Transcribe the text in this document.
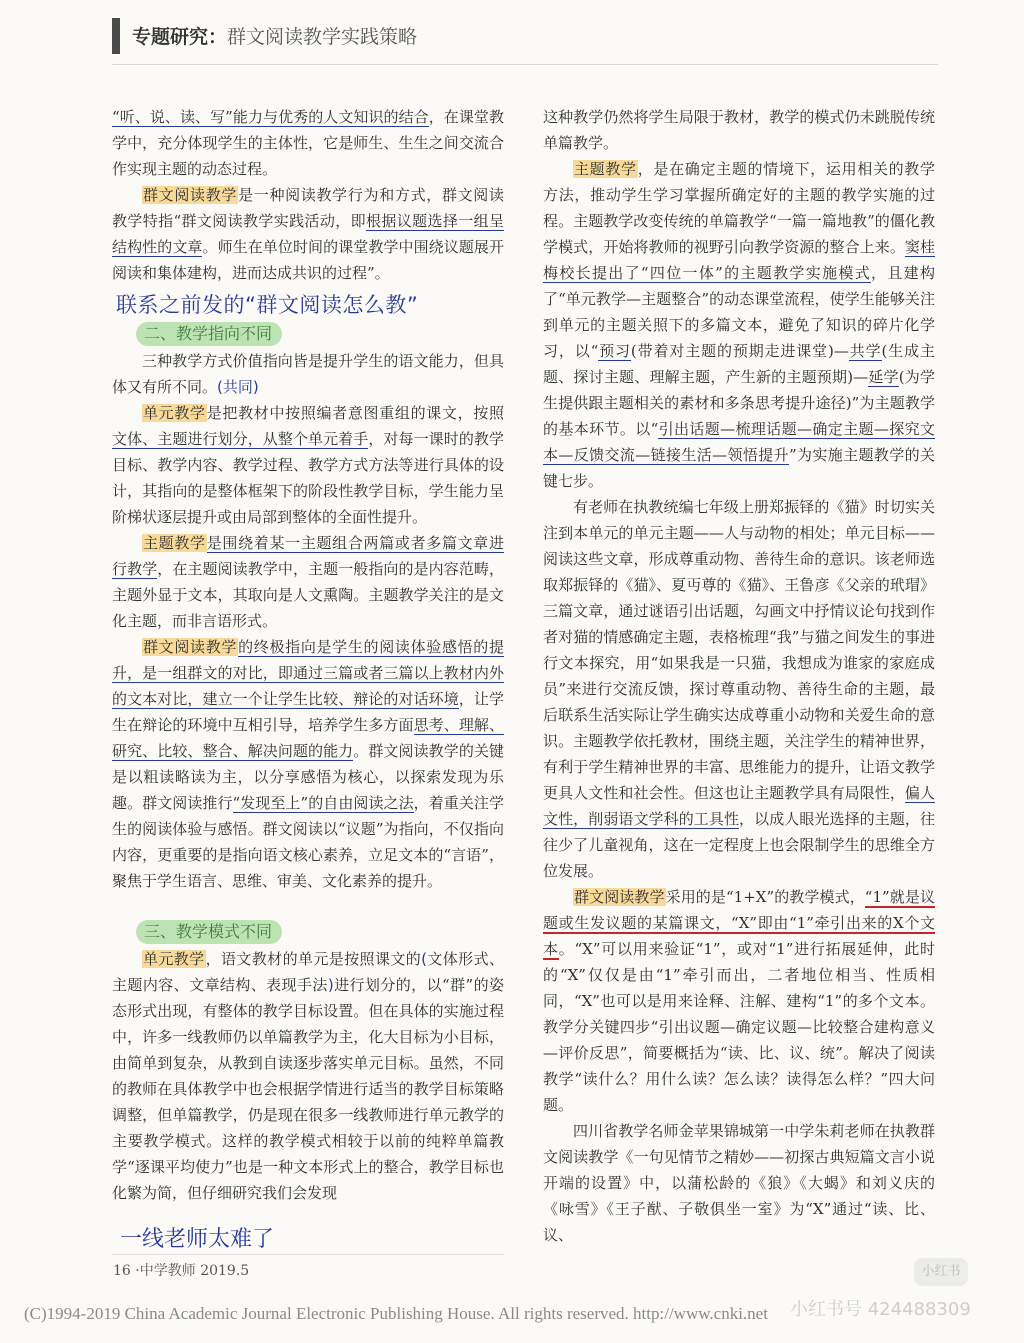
专题研究：群文阅读教学实践策略

“听、说、读、写”能力与优秀的人文知识的结合，在课堂教学中，充分体现学生的主体性，它是师生、生生之间交流合作实现主题的动态过程。

群文阅读教学是一种阅读教学行为和方式，群文阅读教学特指“群文阅读教学实践活动，即根据议题选择一组呈结构性的文章。师生在单位时间的课堂教学中围绕议题展开阅读和集体建构，进而达成共识的过程”。

联系之前发的“群文阅读怎么教”
二、教学指向不同

三种教学方式价值指向皆是提升学生的语文能力，但具体又有所不同。(共同)

单元教学是把教材中按照编者意图重组的课文，按照文体、主题进行划分，从整个单元着手，对每一课时的教学目标、教学内容、教学过程、教学方式方法等进行具体的设计，其指向的是整体框架下的阶段性教学目标，学生能力呈阶梯状逐层提升或由局部到整体的全面性提升。

主题教学是围绕着某一主题组合两篇或者多篇文章进行教学，在主题阅读教学中，主题一般指向的是内容范畴，主题外显于文本，其取向是人文熏陶。主题教学关注的是文化主题，而非言语形式。

群文阅读教学的终极指向是学生的阅读体验感悟的提升，是一组群文的对比，即通过三篇或者三篇以上教材内外的文本对比，建立一个让学生比较、辩论的对话环境，让学生在辩论的环境中互相引导，培养学生多方面思考、理解、研究、比较、整合、解决问题的能力。群文阅读教学的关键是以粗读略读为主，以分享感悟为核心，以探索发现为乐趣。群文阅读推行“发现至上”的自由阅读之法，着重关注学生的阅读体验与感悟。群文阅读以“议题”为指向，不仅指向内容，更重要的是指向语文核心素养，立足文本的“言语”，聚焦于学生语言、思维、审美、文化素养的提升。

三、教学模式不同

单元教学，语文教材的单元是按照课文的(文体形式、主题内容、文章结构、表现手法)进行划分的，以“群”的姿态形式出现，有整体的教学目标设置。但在具体的实施过程中，许多一线教师仍以单篇教学为主，化大目标为小目标，由简单到复杂，从教到自读逐步落实单元目标。虽然，不同的教师在具体教学中也会根据学情进行适当的教学目标策略调整，但单篇教学，仍是现在很多一线教师进行单元教学的主要教学模式。这样的教学模式相较于以前的纯粹单篇教学“逐课平均使力”也是一种文本形式上的整合，教学目标也化繁为简，但仔细研究我们会发现

一线老师太难了

这种教学仍然将学生局限于教材，教学的模式仍未跳脱传统单篇教学。

主题教学，是在确定主题的情境下，运用相关的教学方法，推动学生学习掌握所确定好的主题的教学实施的过程。主题教学改变传统的单篇教学“一篇一篇地教”的僵化教学模式，开始将教师的视野引向教学资源的整合上来。窦桂梅校长提出了“四位一体”的主题教学实施模式，且建构了“单元教学—主题整合”的动态课堂流程，使学生能够关注到单元的主题关照下的多篇文本，避免了知识的碎片化学习，以“预习(带着对主题的预期走进课堂)—共学(生成主题、探讨主题、理解主题，产生新的主题预期)—延学(为学生提供跟主题相关的素材和多条思考提升途径)”为主题教学的基本环节。以“引出话题—梳理话题—确定主题—探究文本—反馈交流—链接生活—领悟提升”为实施主题教学的关键七步。

有老师在执教统编七年级上册郑振铎的《猫》时切实关注到本单元的单元主题——人与动物的相处；单元目标——阅读这些文章，形成尊重动物、善待生命的意识。该老师选取郑振铎的《猫》、夏丏尊的《猫》、王鲁彦《父亲的玳瑁》三篇文章，通过谜语引出话题，勾画文中抒情议论句找到作者对猫的情感确定主题，表格梳理“我”与猫之间发生的事进行文本探究，用“如果我是一只猫，我想成为谁家的家庭成员”来进行交流反馈，探讨尊重动物、善待生命的主题，最后联系生活实际让学生确实达成尊重小动物和关爱生命的意识。主题教学依托教材，围绕主题，关注学生的精神世界，有利于学生精神世界的丰富、思维能力的提升，让语文教学更具人文性和社会性。但这也让主题教学具有局限性，偏人文性，削弱语文学科的工具性，以成人眼光选择的主题，往往少了儿童视角，这在一定程度上也会限制学生的思维全方位发展。

群文阅读教学采用的是“1+X”的教学模式，“1”就是议题或生发议题的某篇课文，“X”即由“1”牵引出来的X个文本。“X”可以用来验证“1”，或对“1”进行拓展延伸，此时的“X”仅仅是由“1”牵引而出，二者地位相当、性质相同，“X”也可以是用来诠释、注解、建构“1”的多个文本。教学分关键四步“引出议题—确定议题—比较整合建构意义—评价反思”，简要概括为“读、比、议、统”。解决了阅读教学“读什么？用什么读？怎么读？读得怎么样？”四大问题。

四川省教学名师金苹果锦城第一中学朱莉老师在执教群文阅读教学《一句见情节之精妙——初探古典短篇文言小说开端的设置》中，以蒲松龄的《狼》《大蝎》和刘义庆的《咏雪》《王子猷、子敬俱坐一室》为“X”通过“读、比、议、

16 ·中学教师 2019.5	小红书
小红书号 424488309
(C)1994-2019 China Academic Journal Electronic Publishing House. All rights reserved. http://www.cnki.net
